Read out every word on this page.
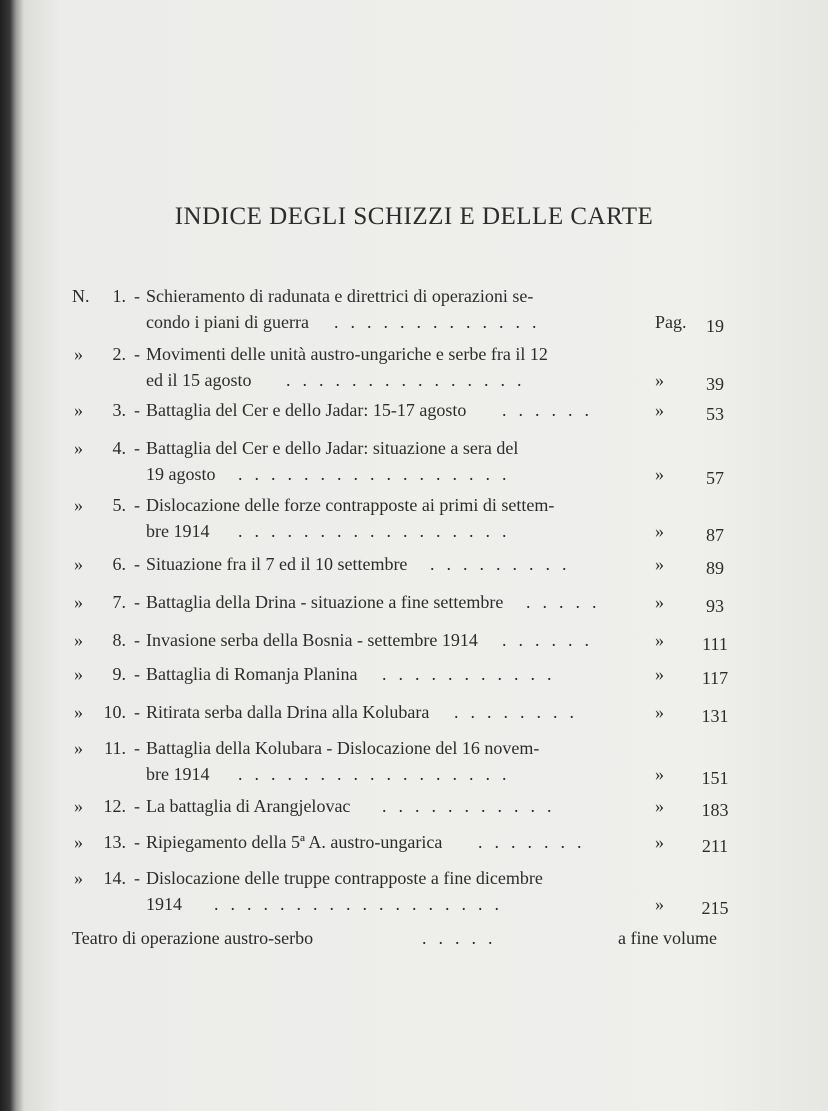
INDICE DEGLI SCHIZZI E DELLE CARTE
N.	1. - Schieramento di radunata e direttrici di operazioni se-
condo i piani di guerra	Pag.	19
.............
»	2. - Movimenti delle unità austro-ungariche e serbe fra il 12
ed il 15 agosto	»	39
...............
»	3. - Battaglia del Cer e dello Jadar: 15-17 agosto	»	53
......
»	4. - Battaglia del Cer e dello Jadar: situazione a sera del
19 agosto	»	57
.................
»	5. - Dislocazione delle forze contrapposte ai primi di settem-
bre 1914	»	87
.................
»	6. - Situazione fra il 7 ed il 10 settembre	»	89
.........
»	7. - Battaglia della Drina - situazione a fine settembre	»	93
.....
»	8. - Invasione serba della Bosnia - settembre 1914	»	111
......
»	9. - Battaglia di Romanja Planina	»	117
...........
»	10. - Ritirata serba dalla Drina alla Kolubara	»	131
........
»	11. - Battaglia della Kolubara - Dislocazione del 16 novem-
bre 1914	»	151
.................
»	12. - La battaglia di Arangjelovac	»	183
...........
»	13. - Ripiegamento della 5ª A. austro-ungarica	»	211
.......
»	14. - Dislocazione delle truppe contrapposte a fine dicembre
1914	»	215
..................
Teatro di operazione austro-serbo	.....	a fine volume
